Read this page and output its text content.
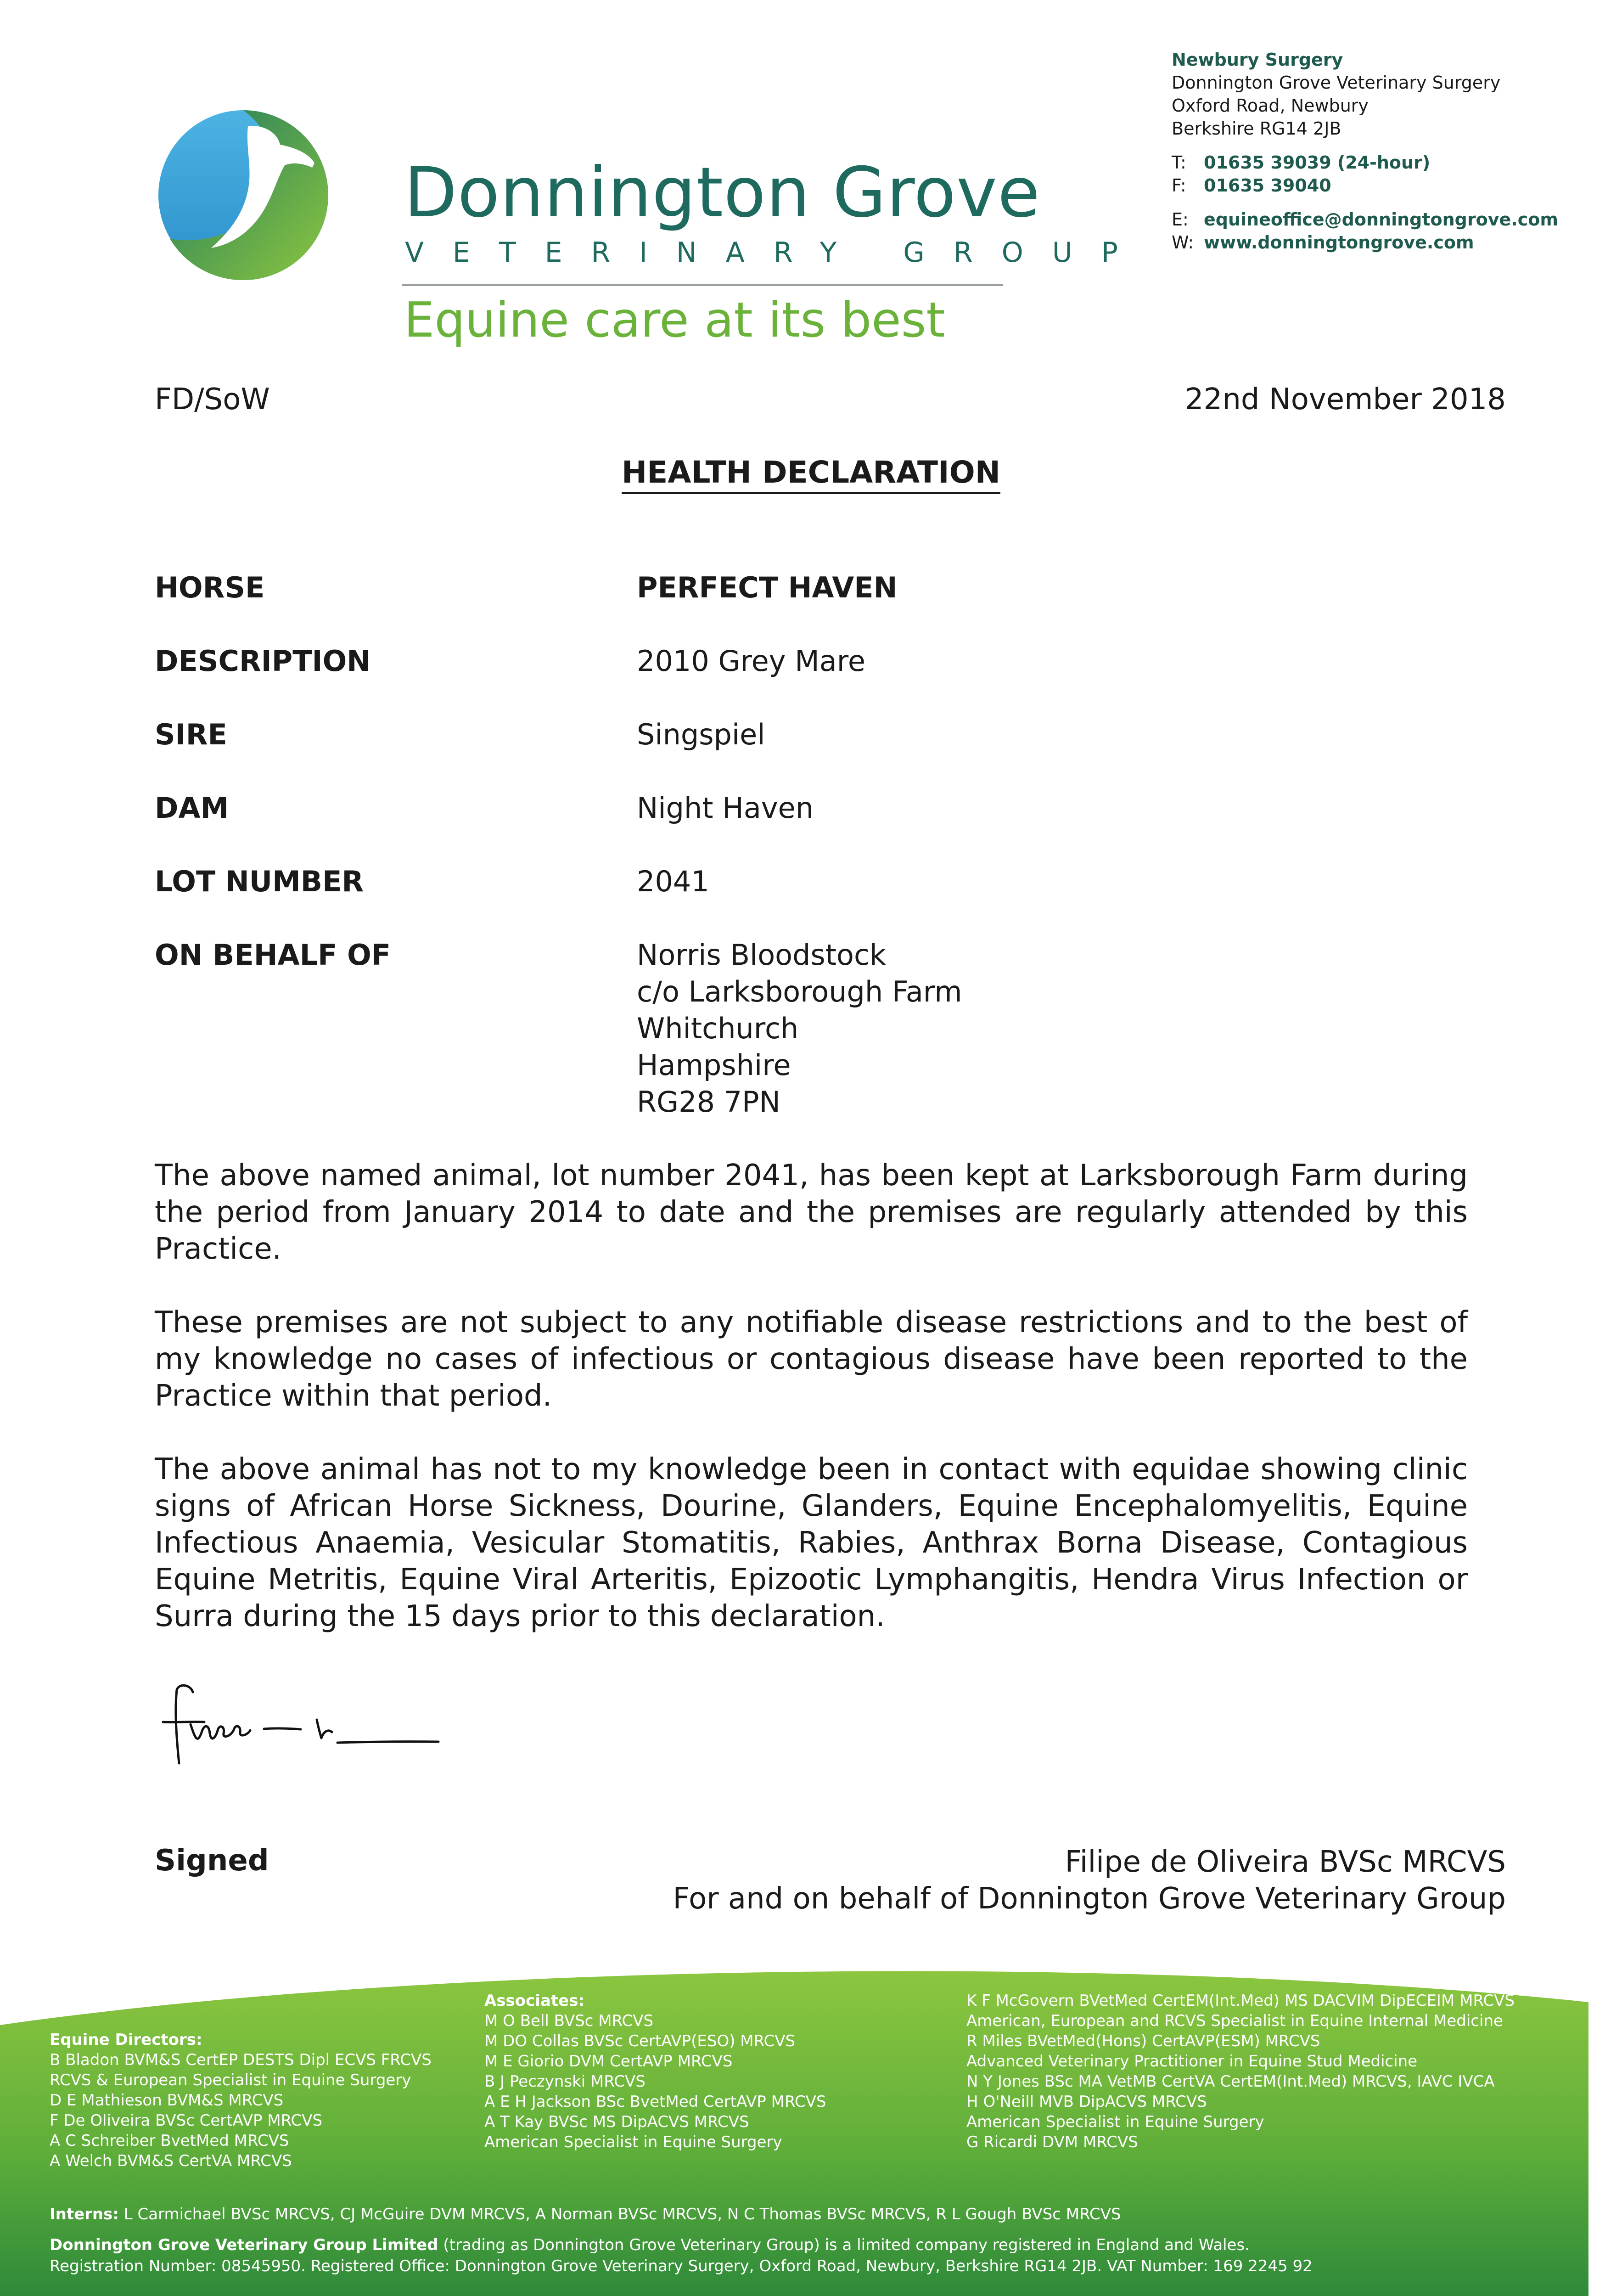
Donnington Grove
VETERINARY GROUP
Equine care at its best
Newbury Surgery
Donnington Grove Veterinary Surgery
Oxford Road, Newbury
Berkshire RG14 2JB
T: 01635 39039 (24-hour)
F: 01635 39040
E: equineoffice@donningtongrove.com
W: www.donningtongrove.com
FD/SoW	22nd November 2018
HEALTH DECLARATION
HORSE	PERFECT HAVEN
DESCRIPTION	2010 Grey Mare
SIRE	Singspiel
DAM	Night Haven
LOT NUMBER	2041
ON BEHALF OF	Norris Bloodstock
c/o Larksborough Farm
Whitchurch
Hampshire
RG28 7PN
The above named animal, lot number 2041, has been kept at Larksborough Farm during the period from January 2014 to date and the premises are regularly attended by this Practice.
These premises are not subject to any notifiable disease restrictions and to the best of my knowledge no cases of infectious or contagious disease have been reported to the Practice within that period.
The above animal has not to my knowledge been in contact with equidae showing clinic signs of African Horse Sickness, Dourine, Glanders, Equine Encephalomyelitis, Equine Infectious Anaemia, Vesicular Stomatitis, Rabies, Anthrax Borna Disease, Contagious Equine Metritis, Equine Viral Arteritis, Epizootic Lymphangitis, Hendra Virus Infection or Surra during the 15 days prior to this declaration.
Signed	Filipe de Oliveira BVSc MRCVS
For and on behalf of Donnington Grove Veterinary Group
Equine Directors:
B Bladon BVM&S CertEP DESTS Dipl ECVS FRCVS
RCVS & European Specialist in Equine Surgery
D E Mathieson BVM&S MRCVS
F De Oliveira BVSc CertAVP MRCVS
A C Schreiber BvetMed MRCVS
A Welch BVM&S CertVA MRCVS
Associates:
M O Bell BVSc MRCVS
M DO Collas BVSc CertAVP(ESO) MRCVS
M E Giorio DVM CertAVP MRCVS
B J Peczynski MRCVS
A E H Jackson BSc BvetMed CertAVP MRCVS
A T Kay BVSc MS DipACVS MRCVS
American Specialist in Equine Surgery
K F McGovern BVetMed CertEM(Int.Med) MS DACVIM DipECEIM MRCVS
American, European and RCVS Specialist in Equine Internal Medicine
R Miles BVetMed(Hons) CertAVP(ESM) MRCVS
Advanced Veterinary Practitioner in Equine Stud Medicine
N Y Jones BSc MA VetMB CertVA CertEM(Int.Med) MRCVS, IAVC IVCA
H O'Neill MVB DipACVS MRCVS
American Specialist in Equine Surgery
G Ricardi DVM MRCVS
Interns: L Carmichael BVSc MRCVS, CJ McGuire DVM MRCVS, A Norman BVSc MRCVS, N C Thomas BVSc MRCVS, R L Gough BVSc MRCVS
Donnington Grove Veterinary Group Limited (trading as Donnington Grove Veterinary Group) is a limited company registered in England and Wales.
Registration Number: 08545950. Registered Office: Donnington Grove Veterinary Surgery, Oxford Road, Newbury, Berkshire RG14 2JB. VAT Number: 169 2245 92
